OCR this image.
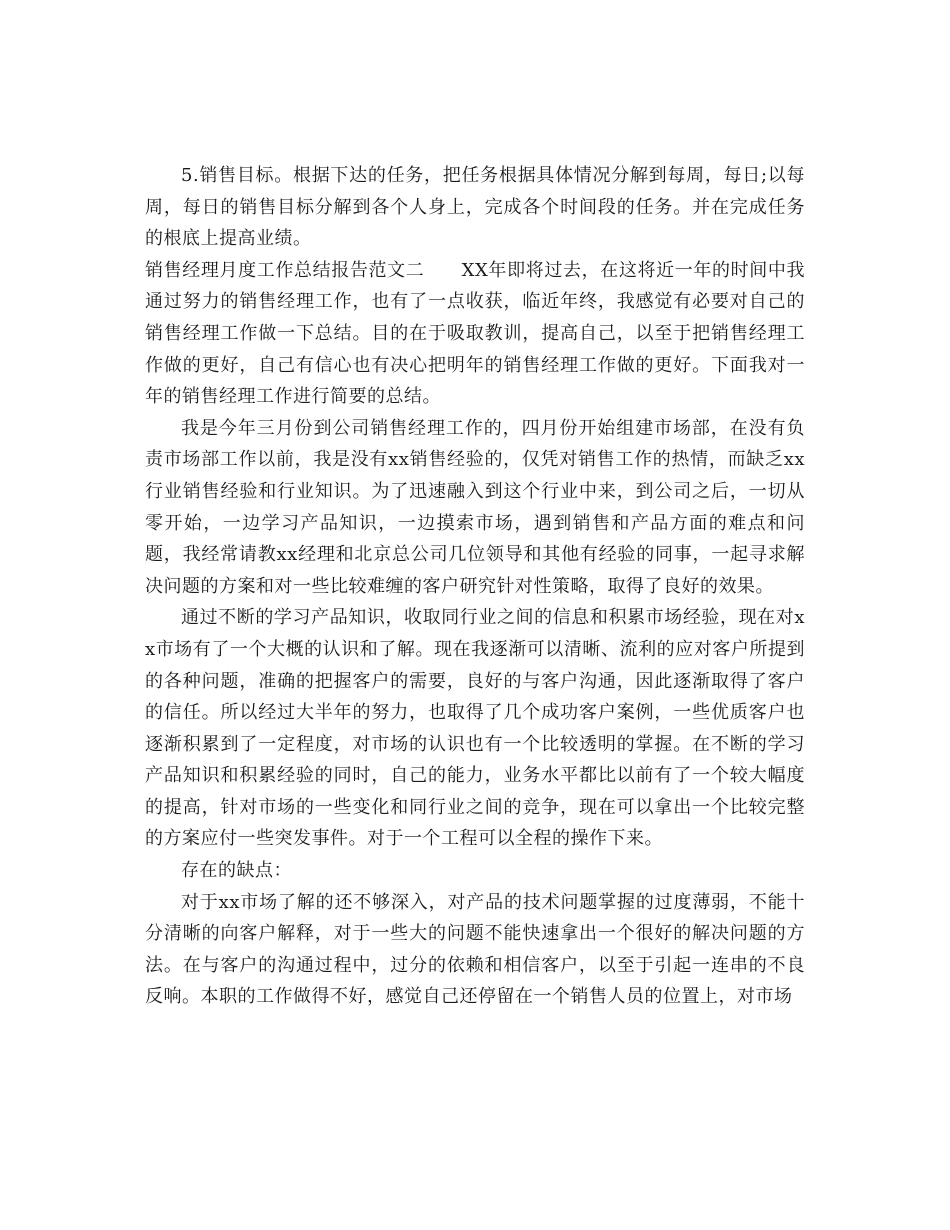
5.销售目标。根据下达的任务，把任务根据具体情况分解到每周，每日;以每周，每日的销售目标分解到各个人身上，完成各个时间段的任务。并在完成任务的根底上提高业绩。

销售经理月度工作总结报告范文二　　XX年即将过去，在这将近一年的时间中我通过努力的销售经理工作，也有了一点收获，临近年终，我感觉有必要对自己的销售经理工作做一下总结。目的在于吸取教训，提高自己，以至于把销售经理工作做的更好，自己有信心也有决心把明年的销售经理工作做的更好。下面我对一年的销售经理工作进行简要的总结。

我是今年三月份到公司销售经理工作的，四月份开始组建市场部，在没有负责市场部工作以前，我是没有xx销售经验的，仅凭对销售工作的热情，而缺乏xx行业销售经验和行业知识。为了迅速融入到这个行业中来，到公司之后，一切从零开始，一边学习产品知识，一边摸索市场，遇到销售和产品方面的难点和问题，我经常请教xx经理和北京总公司几位领导和其他有经验的同事，一起寻求解决问题的方案和对一些比较难缠的客户研究针对性策略，取得了良好的效果。

通过不断的学习产品知识，收取同行业之间的信息和积累市场经验，现在对xx市场有了一个大概的认识和了解。现在我逐渐可以清晰、流利的应对客户所提到的各种问题，准确的把握客户的需要，良好的与客户沟通，因此逐渐取得了客户的信任。所以经过大半年的努力，也取得了几个成功客户案例，一些优质客户也逐渐积累到了一定程度，对市场的认识也有一个比较透明的掌握。在不断的学习产品知识和积累经验的同时，自己的能力，业务水平都比以前有了一个较大幅度的提高，针对市场的一些变化和同行业之间的竞争，现在可以拿出一个比较完整的方案应付一些突发事件。对于一个工程可以全程的操作下来。

存在的缺点：

对于xx市场了解的还不够深入，对产品的技术问题掌握的过度薄弱，不能十分清晰的向客户解释，对于一些大的问题不能快速拿出一个很好的解决问题的方法。在与客户的沟通过程中，过分的依赖和相信客户，以至于引起一连串的不良反响。本职的工作做得不好，感觉自己还停留在一个销售人员的位置上，对市场
